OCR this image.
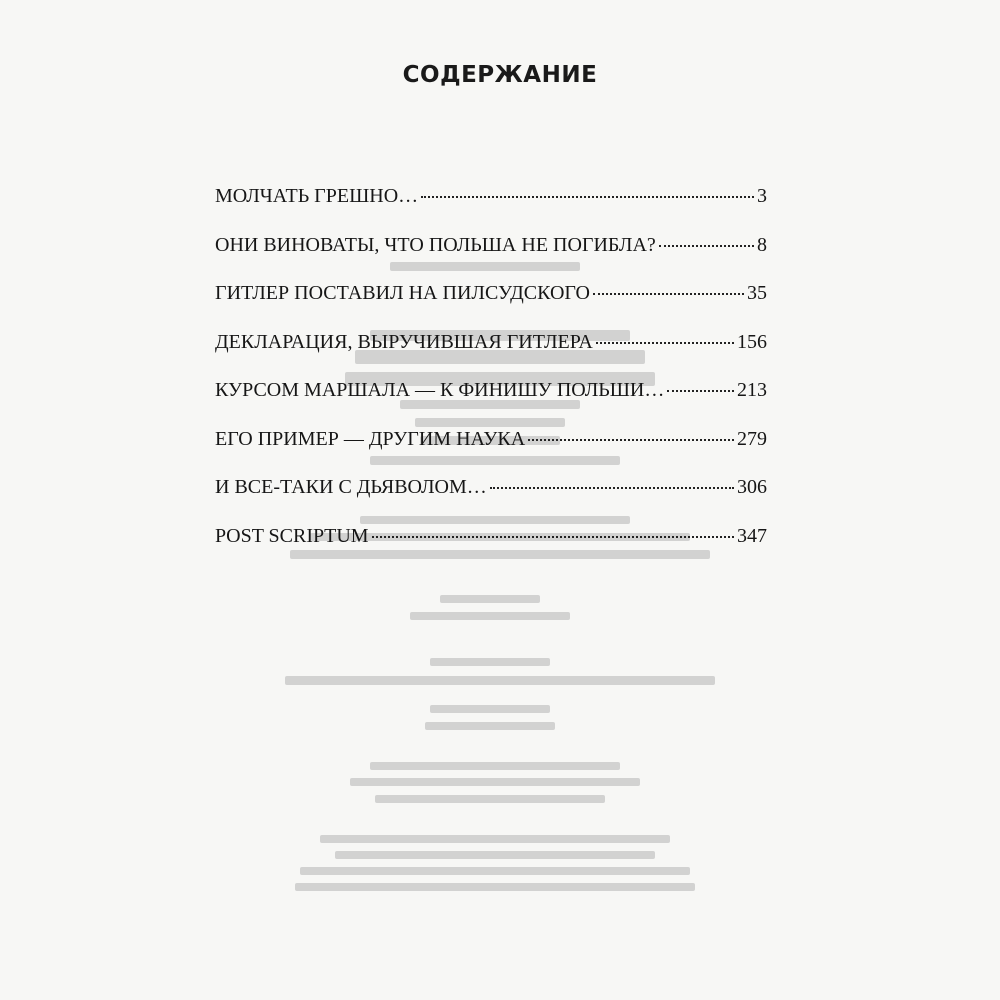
СОДЕРЖАНИЕ
МОЛЧАТЬ ГРЕШНО…	3
ОНИ ВИНОВАТЫ, ЧТО ПОЛЬША НЕ ПОГИБЛА?	8
ГИТЛЕР ПОСТАВИЛ НА ПИЛСУДСКОГО	35
ДЕКЛАРАЦИЯ, ВЫРУЧИВШАЯ ГИТЛЕРА	156
КУРСОМ МАРШАЛА — К ФИНИШУ ПОЛЬШИ…	213
ЕГО ПРИМЕР — ДРУГИМ НАУКА	279
И ВСЕ-ТАКИ С ДЬЯВОЛОМ…	306
POST SCRIPTUM	347
